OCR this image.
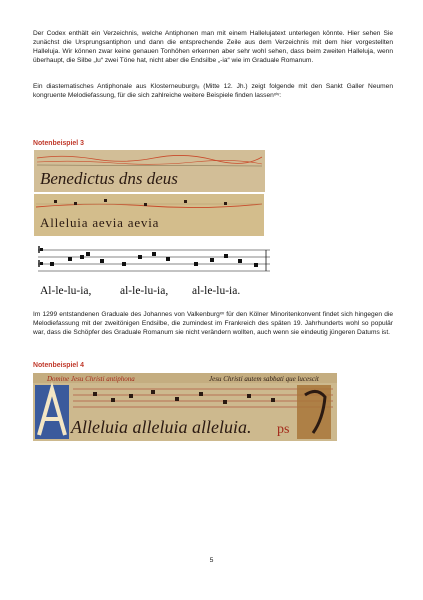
Der Codex enthält ein Verzeichnis, welche Antiphonen man mit einem Hallelujatext unterlegen könnte. Hier sehen Sie zunächst die Ursprungsantiphon und dann die entsprechende Zeile aus dem Verzeichnis mit dem hier vorgestellten Halleluja. Wir können zwar keine genauen Tonhöhen erkennen aber sehr wohl sehen, dass beim zweiten Halleluja, wenn überhaupt, die Silbe „lu“ zwei Töne hat, nicht aber die Endsilbe „-ia“ wie im Graduale Romanum.

Ein diastematisches Antiphonale aus Klosterneuburgᵡᵢᵢ (Mitte 12. Jh.) zeigt folgende mit den Sankt Galler Neumen kongruente Melodiefassung, für die sich zahlreiche weitere Beispiele finden lassenˣⁱᵛ:

Notenbeispiel 3

Benedictus dns deus
Alleluia aevia aevia
Al-le-lu-ia, al-le-lu-ia, al-le-lu-ia.

Im 1299 entstandenen Graduale des Johannes von Valkenburgˣᵛ für den Kölner Minoritenkonvent findet sich hingegen die Melodiefassung mit der zweitönigen Endsilbe, die zumindest im Frankreich des späten 19. Jahrhunderts wohl so populär war, dass die Schöpfer des Graduale Romanum sie nicht verändern wollten, auch wenn sie eindeutig jüngeren Datums ist.

Notenbeispiel 4

Domine Jesu Christi antiphona	Jesu Christi autem sabbati que lucescit
Alleluia alleluia alleluia. ps
5
